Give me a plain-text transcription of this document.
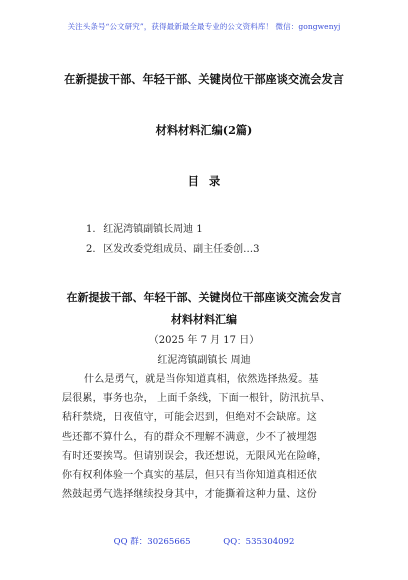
关注头条号“公文研究”，获得最新最全最专业的公文资料库！ 微信：gongwenyj
在新提拔干部、年轻干部、关键岗位干部座谈交流会发言
材料材料汇编(2篇)
目录
1. 红泥湾镇副镇长周迪 1
2. 区发改委党组成员、副主任委创…3
在新提拔干部、年轻干部、关键岗位干部座谈交流会发言
材料材料汇编
（2025 年 7 月 17 日）
红泥湾镇副镇长 周迪
什么是勇气，就是当你知道真相，依然选择热爱。基
层很累，事务也杂， 上面千条线，下面一根针，防汛抗旱、
秸秆禁烧，日夜值守，可能会迟到，但绝对不会缺席。这
些还都不算什么，有的群众不理解不满意，少不了被埋怨
有时还要挨骂。但请别误会，我还想说，无限风光在险峰，
你有权利体验一个真实的基层，但只有当你知道真相还依
然鼓起勇气选择继续投身其中，才能撕着这种力量、这份
QQ 群：30265665	QQ：535304092
